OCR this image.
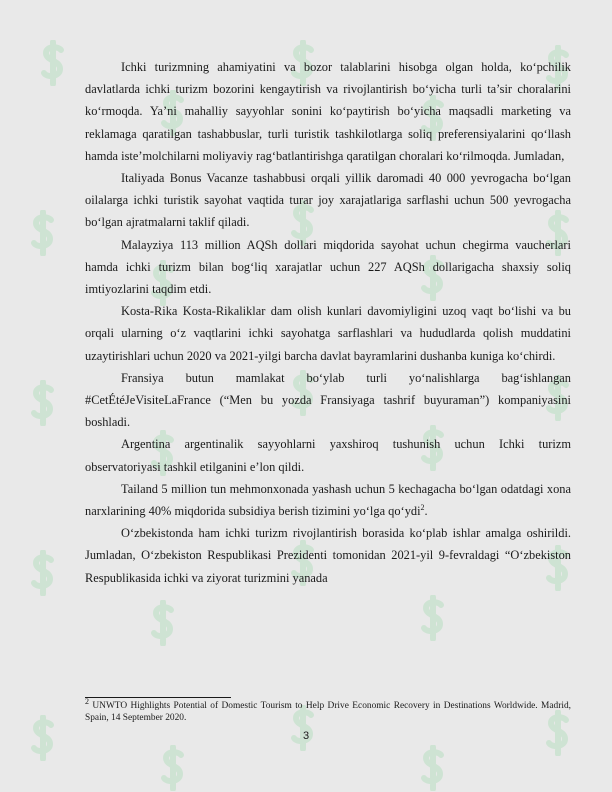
Ichki turizmning ahamiyatini va bozor talablarini hisobga olgan holda, ko‘pchilik davlatlarda ichki turizm bozorini kengaytirish va rivojlantirish bo‘yicha turli ta’sir choralarini ko‘rmoqda. Ya’ni mahalliy sayyohlar sonini ko‘paytirish bo‘yicha maqsadli marketing va reklamaga qaratilgan tashabbuslar, turli turistik tashkilotlarga soliq preferensiyalarini qo‘llash hamda iste’molchilarni moliyaviy rag‘batlantirishga qaratilgan choralari ko‘rilmoqda. Jumladan,

Italiyada Bonus Vacanze tashabbusi orqali yillik daromadi 40 000 yevrogacha bo‘lgan oilalarga ichki turistik sayohat vaqtida turar joy xarajatlariga sarflashi uchun 500 yevrogacha bo‘lgan ajratmalarni taklif qiladi.

Malayziya 113 million AQSh dollari miqdorida sayohat uchun chegirma vaucherlari hamda ichki turizm bilan bog‘liq xarajatlar uchun 227 AQSh dollarigacha shaxsiy soliq imtiyozlarini taqdim etdi.

Kosta-Rika Kosta-Rikaliklar dam olish kunlari davomiyligini uzoq vaqt bo‘lishi va bu orqali ularning o‘z vaqtlarini ichki sayohatga sarflashlari va hududlarda qolish muddatini uzaytirishlari uchun 2020 va 2021-yilgi barcha davlat bayramlarini dushanba kuniga ko‘chirdi.

Fransiya butun mamlakat bo‘ylab turli yo‘nalishlarga bag‘ishlangan #CetÉtéJeVisiteLaFrance (“Men bu yozda Fransiyaga tashrif buyuraman”) kompaniyasini boshladi.

Argentina argentinalik sayyohlarni yaxshiroq tushunish uchun Ichki turizm observatoriyasi tashkil etilganini e’lon qildi.

Tailand 5 million tun mehmonxonada yashash uchun 5 kechagacha bo‘lgan odatdagi xona narxlarining 40% miqdorida subsidiya berish tizimini yo‘lga qo‘ydi$^2$.

O‘zbekistonda ham ichki turizm rivojlantirish borasida ko‘plab ishlar amalga oshirildi. Jumladan, O‘zbekiston Respublikasi Prezidenti tomonidan 2021-yil 9-fevraldagi “O‘zbekiston Respublikasida ichki va ziyorat turizmini yanada

$^2$ UNWTO Highlights Potential of Domestic Tourism to Help Drive Economic Recovery in Destinations Worldwide. Madrid, Spain, 14 September 2020.
3
